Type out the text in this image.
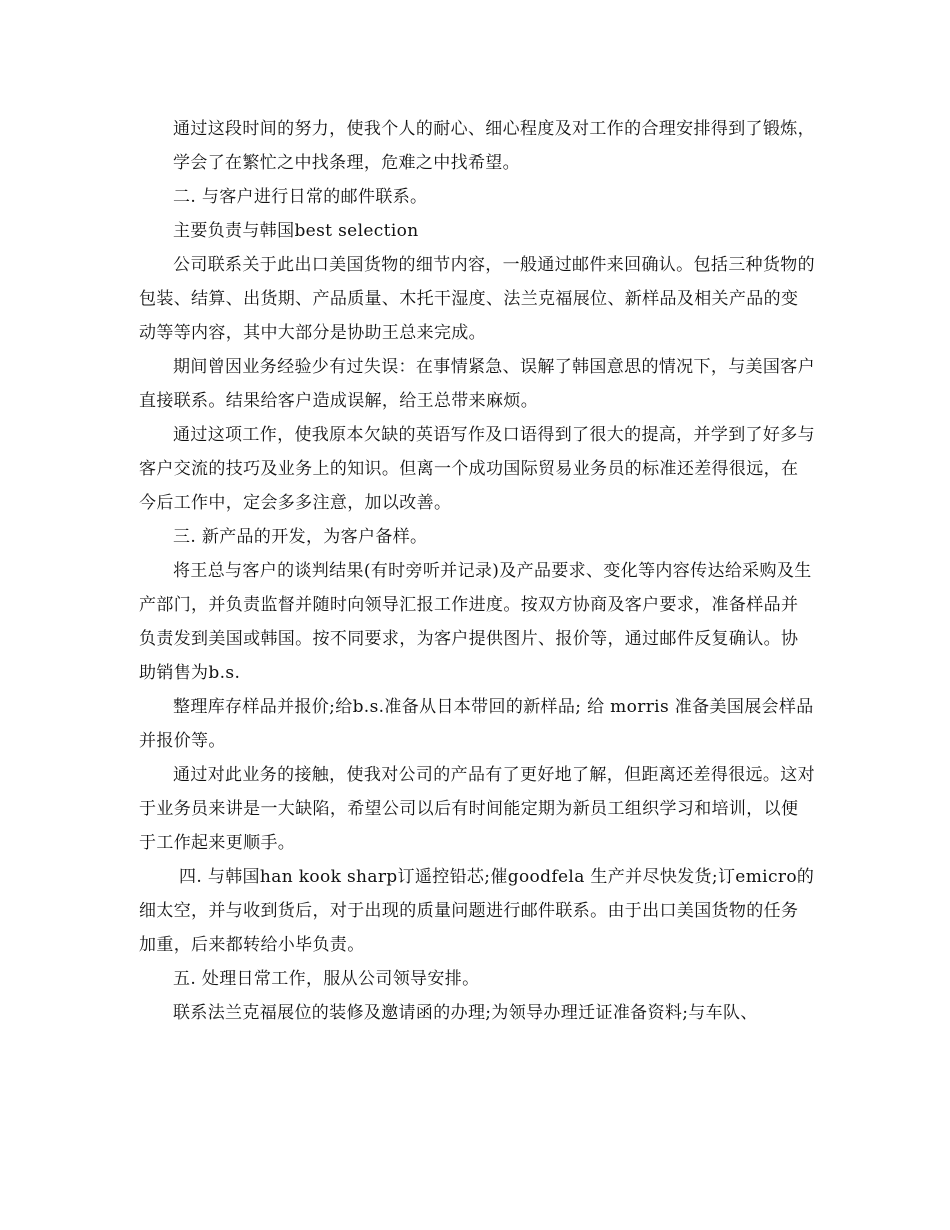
通过这段时间的努力，使我个人的耐心、细心程度及对工作的合理安排得到了锻炼，

学会了在繁忙之中找条理，危难之中找希望。

二. 与客户进行日常的邮件联系。

主要负责与韩国best selection

公司联系关于此出口美国货物的细节内容，一般通过邮件来回确认。包括三种货物的包装、结算、出货期、产品质量、木托干湿度、法兰克福展位、新样品及相关产品的变动等等内容，其中大部分是协助王总来完成。

期间曾因业务经验少有过失误：在事情紧急、误解了韩国意思的情况下，与美国客户直接联系。结果给客户造成误解，给王总带来麻烦。

通过这项工作，使我原本欠缺的英语写作及口语得到了很大的提高，并学到了好多与客户交流的技巧及业务上的知识。但离一个成功国际贸易业务员的标准还差得很远，在今后工作中，定会多多注意，加以改善。

三. 新产品的开发，为客户备样。

将王总与客户的谈判结果(有时旁听并记录)及产品要求、变化等内容传达给采购及生产部门，并负责监督并随时向领导汇报工作进度。按双方协商及客户要求，准备样品并负责发到美国或韩国。按不同要求，为客户提供图片、报价等，通过邮件反复确认。协助销售为b.s.

整理库存样品并报价;给b.s.准备从日本带回的新样品; 给 morris 准备美国展会样品并报价等。

通过对此业务的接触，使我对公司的产品有了更好地了解，但距离还差得很远。这对于业务员来讲是一大缺陷，希望公司以后有时间能定期为新员工组织学习和培训，以便于工作起来更顺手。

四. 与韩国han kook sharp订遥控铅芯;催goodfela 生产并尽快发货;订emicro的细太空，并与收到货后，对于出现的质量问题进行邮件联系。由于出口美国货物的任务加重，后来都转给小毕负责。

五. 处理日常工作，服从公司领导安排。

联系法兰克福展位的装修及邀请函的办理;为领导办理迁证准备资料;与车队、
